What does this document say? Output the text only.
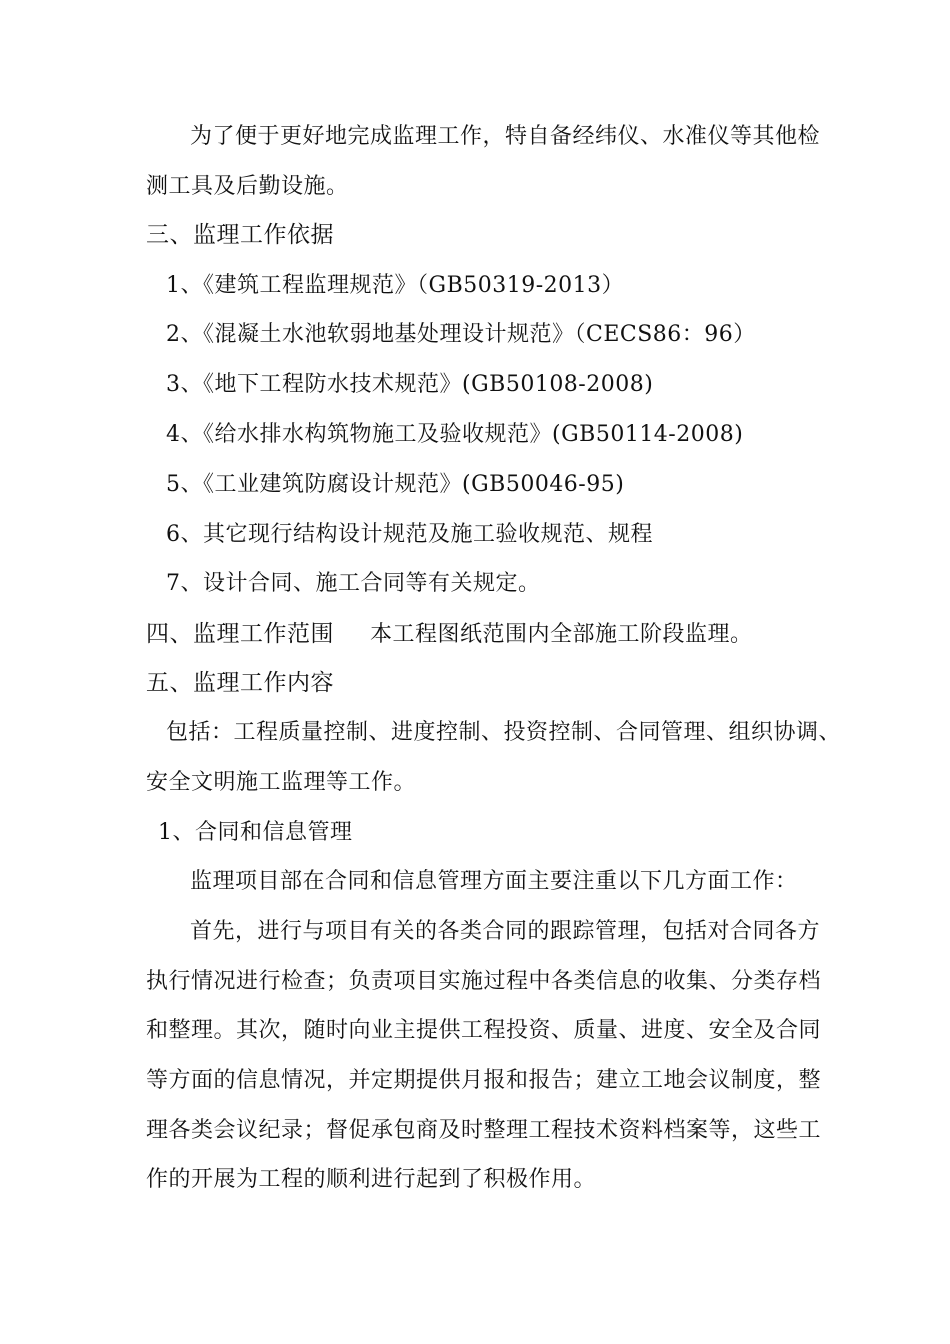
为了便于更好地完成监理工作，特自备经纬仪、水准仪等其他检
测工具及后勤设施。
三、监理工作依据
1、《建筑工程监理规范》（GB50319-2013）
2、《混凝土水池软弱地基处理设计规范》（CECS86：96）
3、《地下工程防水技术规范》(GB50108-2008)
4、《给水排水构筑物施工及验收规范》(GB50114-2008)
5、《工业建筑防腐设计规范》(GB50046-95)
6、其它现行结构设计规范及施工验收规范、规程
7、设计合同、施工合同等有关规定。
四、监理工作范围 本工程图纸范围内全部施工阶段监理。
五、监理工作内容
包括：工程质量控制、进度控制、投资控制、合同管理、组织协调、
安全文明施工监理等工作。
1、合同和信息管理
监理项目部在合同和信息管理方面主要注重以下几方面工作：
首先，进行与项目有关的各类合同的跟踪管理，包括对合同各方
执行情况进行检查；负责项目实施过程中各类信息的收集、分类存档
和整理。其次，随时向业主提供工程投资、质量、进度、安全及合同
等方面的信息情况，并定期提供月报和报告；建立工地会议制度，整
理各类会议纪录；督促承包商及时整理工程技术资料档案等，这些工
作的开展为工程的顺利进行起到了积极作用。
